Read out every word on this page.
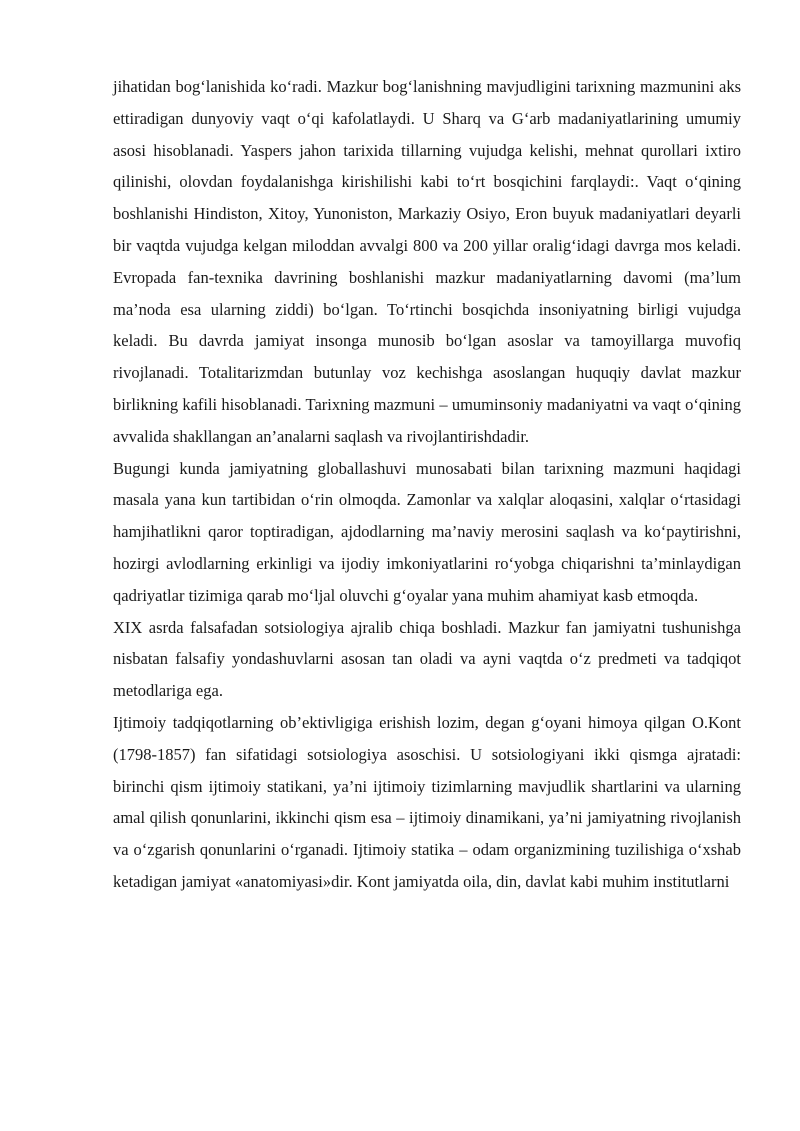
jihatidan bog‘lanishida ko‘radi. Mazkur bog‘lanishning mavjudligini tarixning mazmunini aks ettiradigan dunyoviy vaqt o‘qi kafolatlaydi. U Sharq va G‘arb madaniyatlarining umumiy asosi hisoblanadi. Yaspers jahon tarixida tillarning vujudga kelishi, mehnat qurollari ixtiro qilinishi, olovdan foydalanishga kirishilishi kabi to‘rt bosqichini farqlaydi:. Vaqt o‘qining boshlanishi Hindiston, Xitoy, Yunoniston, Markaziy Osiyo, Eron buyuk madaniyatlari deyarli bir vaqtda vujudga kelgan miloddan avvalgi 800 va 200 yillar oralig‘idagi davrga mos keladi. Evropada fan-texnika davrining boshlanishi mazkur madaniyatlarning davomi (ma’lum ma’noda esa ularning ziddi) bo‘lgan. To‘rtinchi bosqichda insoniyatning birligi vujudga keladi. Bu davrda jamiyat insonga munosib bo‘lgan asoslar va tamoyillarga muvofiq rivojlanadi. Totalitarizmdan butunlay voz kechishga asoslangan huquqiy davlat mazkur birlikning kafili hisoblanadi. Tarixning mazmuni – umuminsoniy madaniyatni va vaqt o‘qining avvalida shakllangan an’analarni saqlash va rivojlantirishdadir.

Bugungi kunda jamiyatning globallashuvi munosabati bilan tarixning mazmuni haqidagi masala yana kun tartibidan o‘rin olmoqda. Zamonlar va xalqlar aloqasini, xalqlar o‘rtasidagi hamjihatlikni qaror toptiradigan, ajdodlarning ma’naviy merosini saqlash va ko‘paytirishni, hozirgi avlodlarning erkinligi va ijodiy imkoniyatlarini ro‘yobga chiqarishni ta’minlaydigan qadriyatlar tizimiga qarab mo‘ljal oluvchi g‘oyalar yana muhim ahamiyat kasb etmoqda.

XIX asrda falsafadan sotsiologiya ajralib chiqa boshladi. Mazkur fan jamiyatni tushunishga nisbatan falsafiy yondashuvlarni asosan tan oladi va ayni vaqtda o‘z predmeti va tadqiqot metodlariga ega.

Ijtimoiy tadqiqotlarning ob’ektivligiga erishish lozim, degan g‘oyani himoya qilgan O.Kont (1798-1857) fan sifatidagi sotsiologiya asoschisi. U sotsiologiyani ikki qismga ajratadi: birinchi qism ijtimoiy statikani, ya’ni ijtimoiy tizimlarning mavjudlik shartlarini va ularning amal qilish qonunlarini, ikkinchi qism esa – ijtimoiy dinamikani, ya’ni jamiyatning rivojlanish va o‘zgarish qonunlarini o‘rganadi. Ijtimoiy statika – odam organizmining tuzilishiga o‘xshab ketadigan jamiyat «anatomiyasi»dir. Kont jamiyatda oila, din, davlat kabi muhim institutlarni
